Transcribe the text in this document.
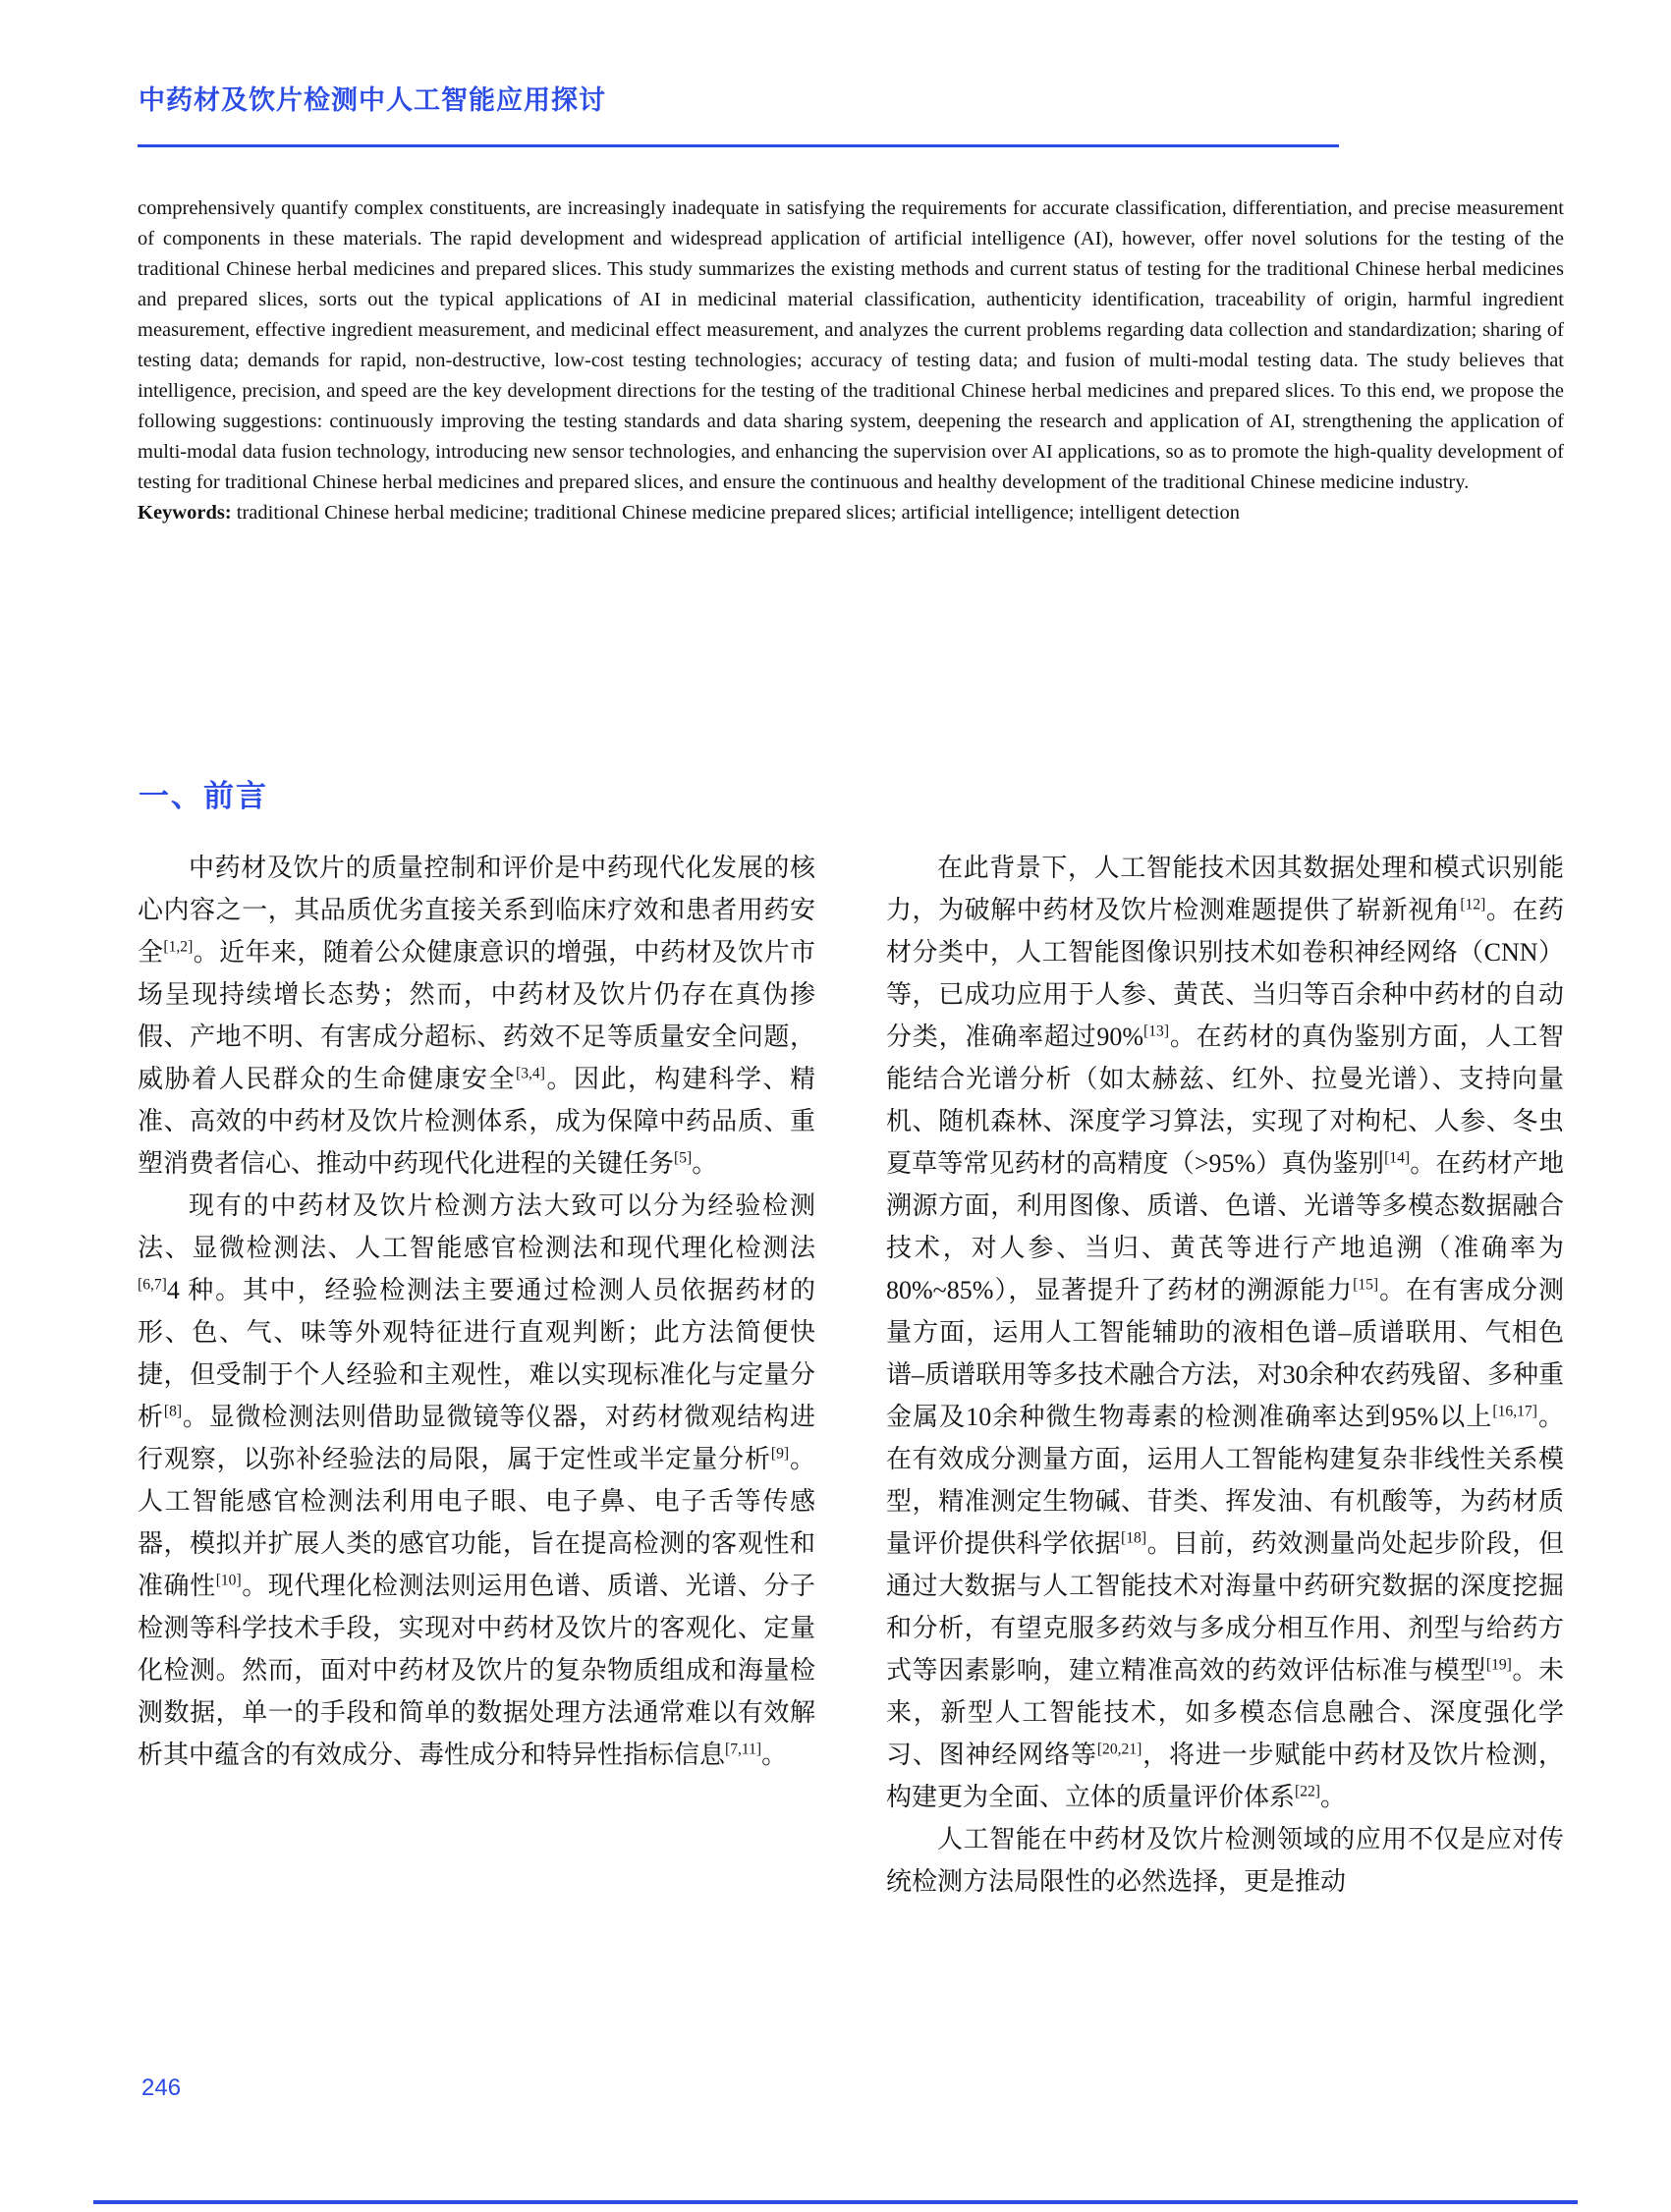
中药材及饮片检测中人工智能应用探讨

comprehensively quantify complex constituents, are increasingly inadequate in satisfying the requirements for accurate classification, differentiation, and precise measurement of components in these materials. The rapid development and widespread application of artificial intelligence (AI), however, offer novel solutions for the testing of the traditional Chinese herbal medicines and prepared slices. This study summarizes the existing methods and current status of testing for the traditional Chinese herbal medicines and prepared slices, sorts out the typical applications of AI in medicinal material classification, authenticity identification, traceability of origin, harmful ingredient measurement, effective ingredient measurement, and medicinal effect measurement, and analyzes the current problems regarding data collection and standardization; sharing of testing data; demands for rapid, non-destructive, low-cost testing technologies; accuracy of testing data; and fusion of multi-modal testing data. The study believes that intelligence, precision, and speed are the key development directions for the testing of the traditional Chinese herbal medicines and prepared slices. To this end, we propose the following suggestions: continuously improving the testing standards and data sharing system, deepening the research and application of AI, strengthening the application of multi-modal data fusion technology, introducing new sensor technologies, and enhancing the supervision over AI applications, so as to promote the high-quality development of testing for traditional Chinese herbal medicines and prepared slices, and ensure the continuous and healthy development of the traditional Chinese medicine industry.

Keywords: traditional Chinese herbal medicine; traditional Chinese medicine prepared slices; artificial intelligence; intelligent detection

一、前言

中药材及饮片的质量控制和评价是中药现代化发展的核心内容之一，其品质优劣直接关系到临床疗效和患者用药安全[1,2]。近年来，随着公众健康意识的增强，中药材及饮片市场呈现持续增长态势；然而，中药材及饮片仍存在真伪掺假、产地不明、有害成分超标、药效不足等质量安全问题，威胁着人民群众的生命健康安全[3,4]。因此，构建科学、精准、高效的中药材及饮片检测体系，成为保障中药品质、重塑消费者信心、推动中药现代化进程的关键任务[5]。

现有的中药材及饮片检测方法大致可以分为经验检测法、显微检测法、人工智能感官检测法和现代理化检测法[6,7]4 种。其中，经验检测法主要通过检测人员依据药材的形、色、气、味等外观特征进行直观判断；此方法简便快捷，但受制于个人经验和主观性，难以实现标准化与定量分析[8]。显微检测法则借助显微镜等仪器，对药材微观结构进行观察，以弥补经验法的局限，属于定性或半定量分析[9]。人工智能感官检测法利用电子眼、电子鼻、电子舌等传感器，模拟并扩展人类的感官功能，旨在提高检测的客观性和准确性[10]。现代理化检测法则运用色谱、质谱、光谱、分子检测等科学技术手段，实现对中药材及饮片的客观化、定量化检测。然而，面对中药材及饮片的复杂物质组成和海量检测数据，单一的手段和简单的数据处理方法通常难以有效解析其中蕴含的有效成分、毒性成分和特异性指标信息[7,11]。

在此背景下，人工智能技术因其数据处理和模式识别能力，为破解中药材及饮片检测难题提供了崭新视角[12]。在药材分类中，人工智能图像识别技术如卷积神经网络（CNN）等，已成功应用于人参、黄芪、当归等百余种中药材的自动分类，准确率超过90%[13]。在药材的真伪鉴别方面，人工智能结合光谱分析（如太赫兹、红外、拉曼光谱）、支持向量机、随机森林、深度学习算法，实现了对枸杞、人参、冬虫夏草等常见药材的高精度（>95%）真伪鉴别[14]。在药材产地溯源方面，利用图像、质谱、色谱、光谱等多模态数据融合技术，对人参、当归、黄芪等进行产地追溯（准确率为80%~85%），显著提升了药材的溯源能力[15]。在有害成分测量方面，运用人工智能辅助的液相色谱–质谱联用、气相色谱–质谱联用等多技术融合方法，对30余种农药残留、多种重金属及10余种微生物毒素的检测准确率达到95%以上[16,17]。在有效成分测量方面，运用人工智能构建复杂非线性关系模型，精准测定生物碱、苷类、挥发油、有机酸等，为药材质量评价提供科学依据[18]。目前，药效测量尚处起步阶段，但通过大数据与人工智能技术对海量中药研究数据的深度挖掘和分析，有望克服多药效与多成分相互作用、剂型与给药方式等因素影响，建立精准高效的药效评估标准与模型[19]。未来，新型人工智能技术，如多模态信息融合、深度强化学习、图神经网络等[20,21]，将进一步赋能中药材及饮片检测，构建更为全面、立体的质量评价体系[22]。

人工智能在中药材及饮片检测领域的应用不仅是应对传统检测方法局限性的必然选择，更是推动

246
